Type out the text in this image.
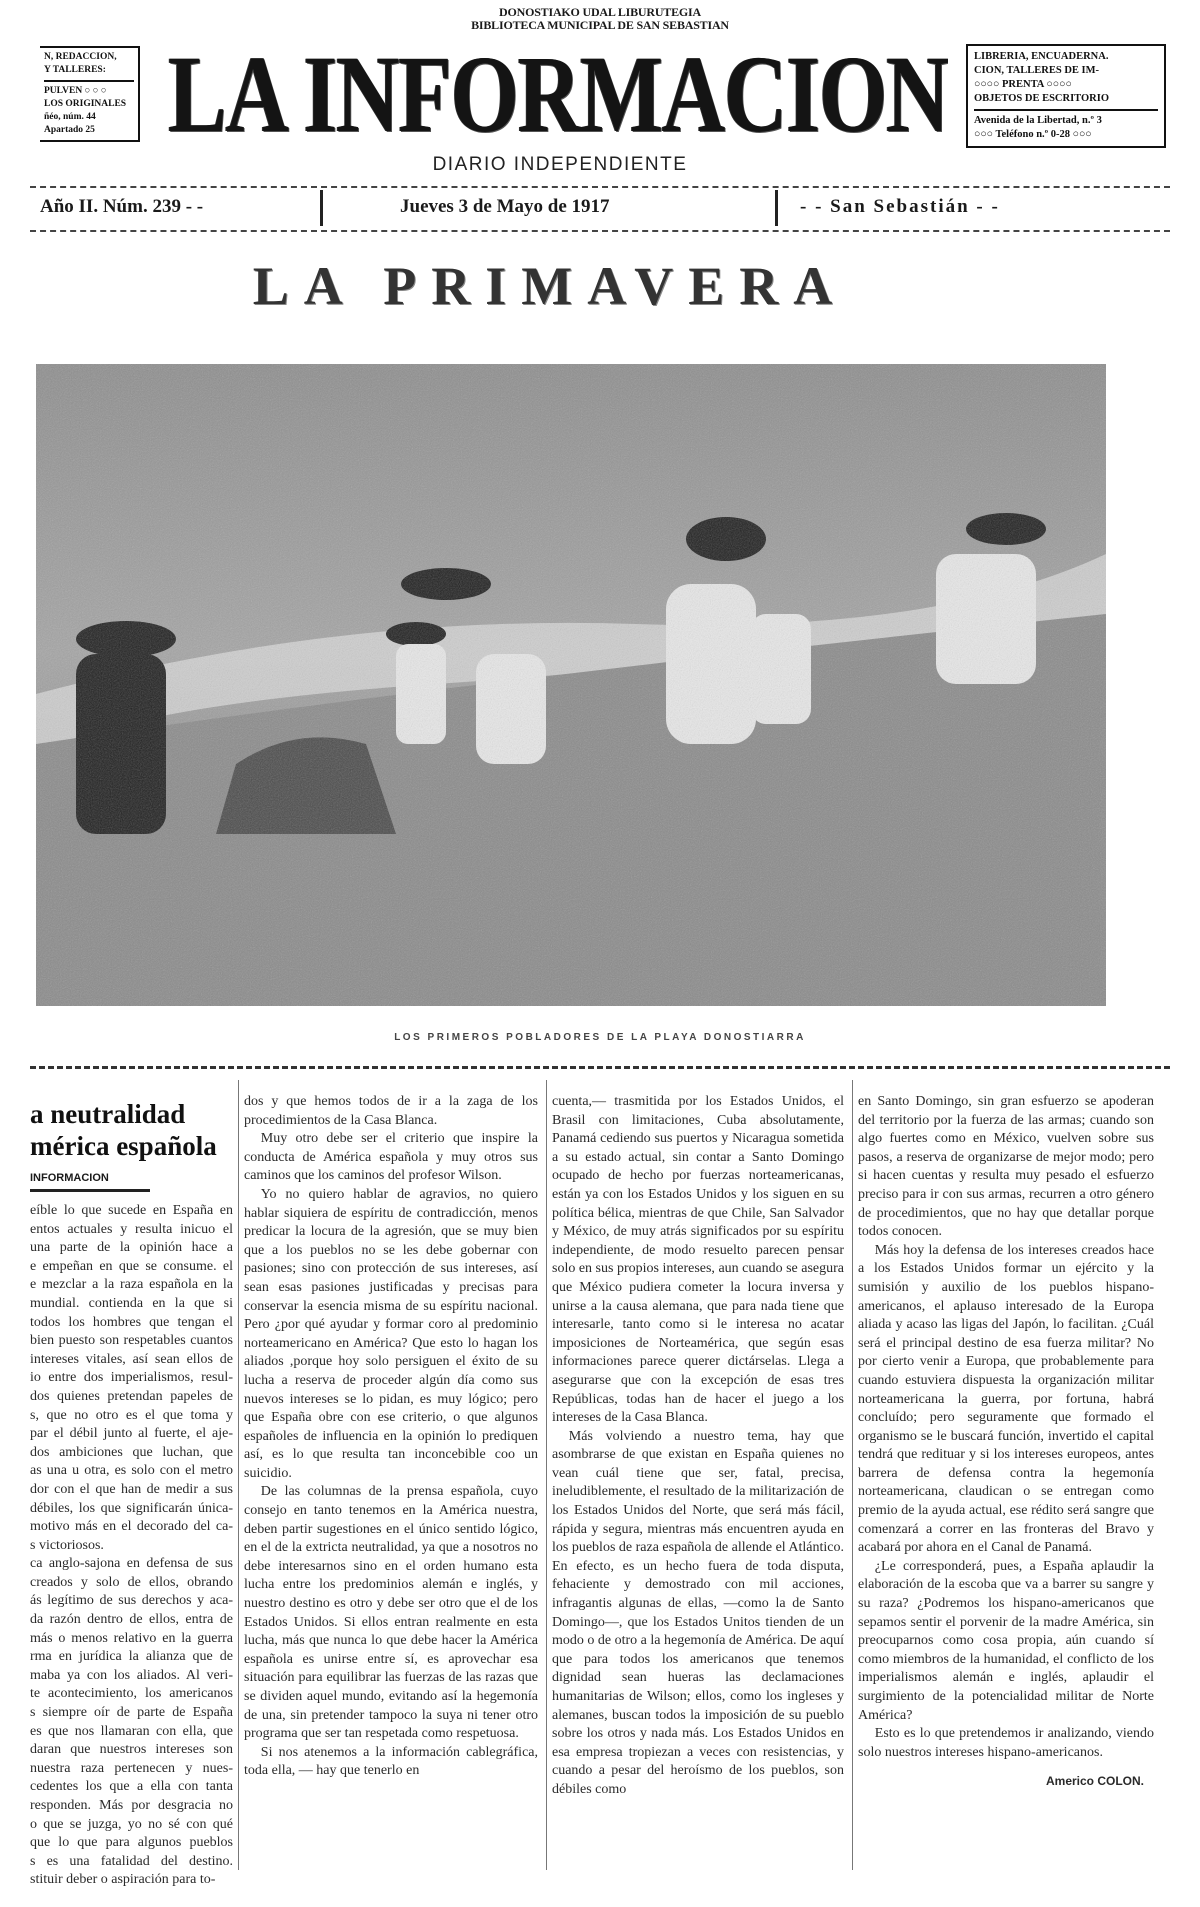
DONOSTIAKO UDAL LIBURUTEGIA
BIBLIOTECA MUNICIPAL DE SAN SEBASTIAN
N, REDACCION,
Y TALLERES:
PULVEN ○ ○ ○
LOS ORIGINALES
ñéo, núm. 44
Apartado 25 LA INFORMACION
DIARIO INDEPENDIENTE
LIBRERIA, ENCUADERNA.
CION, TALLERES DE IM-
○○○○ PRENTA ○○○○
OBJETOS DE ESCRITORIO
Avenida de la Libertad, n.º 3
○○○ Teléfono n.º 0-28 ○○○
Año II. Núm. 239 - -	Jueves 3 de Mayo de 1917	- - San Sebastián - -
LA PRIMAVERA
LOS PRIMEROS POBLADORES DE LA PLAYA DONOSTIARRA
a neutralidad
mérica española
INFORMACION
eíble lo que sucede en España en
entos actuales y resulta inicuo el
una parte de la opinión hace a
e empeñan en que se consume. el
e mezclar a la raza española en la
mundial. contienda en la que si
todos los hombres que tengan el
bien puesto son respetables cuantos
intereses vitales, así sean ellos de
io entre dos imperialismos, resul-
dos quienes pretendan papeles de
s, que no otro es el que toma y
par el débil junto al fuerte, el aje-
dos ambiciones que luchan, que
as una u otra, es solo con el metro
dor con el que han de medir a sus
débiles, los que significarán única-
motivo más en el decorado del ca-
s victoriosos.
ca anglo-sajona en defensa de sus
creados y solo de ellos, obrando
ás legítimo de sus derechos y aca-
da razón dentro de ellos, entra de
más o menos relativo en la guerra
rma en jurídica la alianza que de
maba ya con los aliados. Al veri-
te acontecimiento, los americanos
s siempre oír de parte de España
es que nos llamaran con ella, que
daran que nuestros intereses son
nuestra raza pertenecen y nues-
cedentes los que a ella con tanta
responden. Más por desgracia no
o que se juzga, yo no sé con qué
que lo que para algunos pueblos
s es una fatalidad del destino.
stituir deber o aspiración para to-

dos y que hemos todos de ir a la zaga de los procedimientos de la Casa Blanca.

Muy otro debe ser el criterio que inspire la conducta de América española y muy otros sus caminos que los caminos del profesor Wilson.

Yo no quiero hablar de agravios, no quiero hablar siquiera de espíritu de contradicción, menos predicar la locura de la agresión, que se muy bien que a los pueblos no se les debe gobernar con pasiones; sino con protección de sus intereses, así sean esas pasiones justificadas y precisas para conservar la esencia misma de su espíritu nacional. Pero ¿por qué ayudar y formar coro al predominio norteamericano en América? Que esto lo hagan los aliados ,porque hoy solo persiguen el éxito de su lucha a reserva de proceder algún día como sus nuevos intereses se lo pidan, es muy lógico; pero que España obre con ese criterio, o que algunos españoles de influencia en la opinión lo prediquen así, es lo que resulta tan inconcebible coo un suicidio.

De las columnas de la prensa española, cuyo consejo en tanto tenemos en la América nuestra, deben partir sugestiones en el único sentido lógico, en el de la extricta neutralidad, ya que a nosotros no debe interesarnos sino en el orden humano esta lucha entre los predominios alemán e inglés, y nuestro destino es otro y debe ser otro que el de los Estados Unidos. Si ellos entran realmente en esta lucha, más que nunca lo que debe hacer la América española es unirse entre sí, es aprovechar esa situación para equilibrar las fuerzas de las razas que se dividen aquel mundo, evitando así la hegemonía de una, sin pretender tampoco la suya ni tener otro programa que ser tan respetada como respetuosa.

Si nos atenemos a la información cablegráfica, toda ella, — hay que tenerlo en

cuenta,— trasmitida por los Estados Unidos, el Brasil con limitaciones, Cuba absolutamente, Panamá cediendo sus puertos y Nicaragua sometida a su estado actual, sin contar a Santo Domingo ocupado de hecho por fuerzas norteamericanas, están ya con los Estados Unidos y los siguen en su política bélica, mientras de que Chile, San Salvador y México, de muy atrás significados por su espíritu independiente, de modo resuelto parecen pensar solo en sus propios intereses, aun cuando se asegura que México pudiera cometer la locura inversa y unirse a la causa alemana, que para nada tiene que interesarle, tanto como si le interesa no acatar imposiciones de Norteamérica, que según esas informaciones parece querer dictárselas. Llega a asegurarse que con la excepción de esas tres Repúblicas, todas han de hacer el juego a los intereses de la Casa Blanca.

Más volviendo a nuestro tema, hay que asombrarse de que existan en España quienes no vean cuál tiene que ser, fatal, precisa, ineludiblemente, el resultado de la militarización de los Estados Unidos del Norte, que será más fácil, rápida y segura, mientras más encuentren ayuda en los pueblos de raza española de allende el Atlántico. En efecto, es un hecho fuera de toda disputa, fehaciente y demostrado con mil acciones, infragantis algunas de ellas, —como la de Santo Domingo—, que los Estados Unitos tienden de un modo o de otro a la hegemonía de América. De aquí que para todos los americanos que tenemos dignidad sean hueras las declamaciones humanitarias de Wilson; ellos, como los ingleses y alemanes, buscan todos la imposición de su pueblo sobre los otros y nada más. Los Estados Unidos en esa empresa tropiezan a veces con resistencias, y cuando a pesar del heroísmo de los pueblos, son débiles como

en Santo Domingo, sin gran esfuerzo se apoderan del territorio por la fuerza de las armas; cuando son algo fuertes como en México, vuelven sobre sus pasos, a reserva de organizarse de mejor modo; pero si hacen cuentas y resulta muy pesado el esfuerzo preciso para ir con sus armas, recurren a otro género de procedimientos, que no hay que detallar porque todos conocen.

Más hoy la defensa de los intereses creados hace a los Estados Unidos formar un ejército y la sumisión y auxilio de los pueblos hispano-americanos, el aplauso interesado de la Europa aliada y acaso las ligas del Japón, lo facilitan. ¿Cuál será el principal destino de esa fuerza militar? No por cierto venir a Europa, que probablemente para cuando estuviera dispuesta la organización militar norteamericana la guerra, por fortuna, habrá concluído; pero seguramente que formado el organismo se le buscará función, invertido el capital tendrá que redituar y si los intereses europeos, antes barrera de defensa contra la hegemonía norteamericana, claudican o se entregan como premio de la ayuda actual, ese rédito será sangre que comenzará a correr en las fronteras del Bravo y acabará por ahora en el Canal de Panamá.

¿Le corresponderá, pues, a España aplaudir la elaboración de la escoba que va a barrer su sangre y su raza? ¿Podremos los hispano-americanos que sepamos sentir el porvenir de la madre América, sin preocuparnos como cosa propia, aún cuando sí como miembros de la humanidad, el conflicto de los imperialismos alemán e inglés, aplaudir el surgimiento de la potencialidad militar de Norte América?

Esto es lo que pretendemos ir analizando, viendo solo nuestros intereses hispano-americanos.

Americo COLON.
